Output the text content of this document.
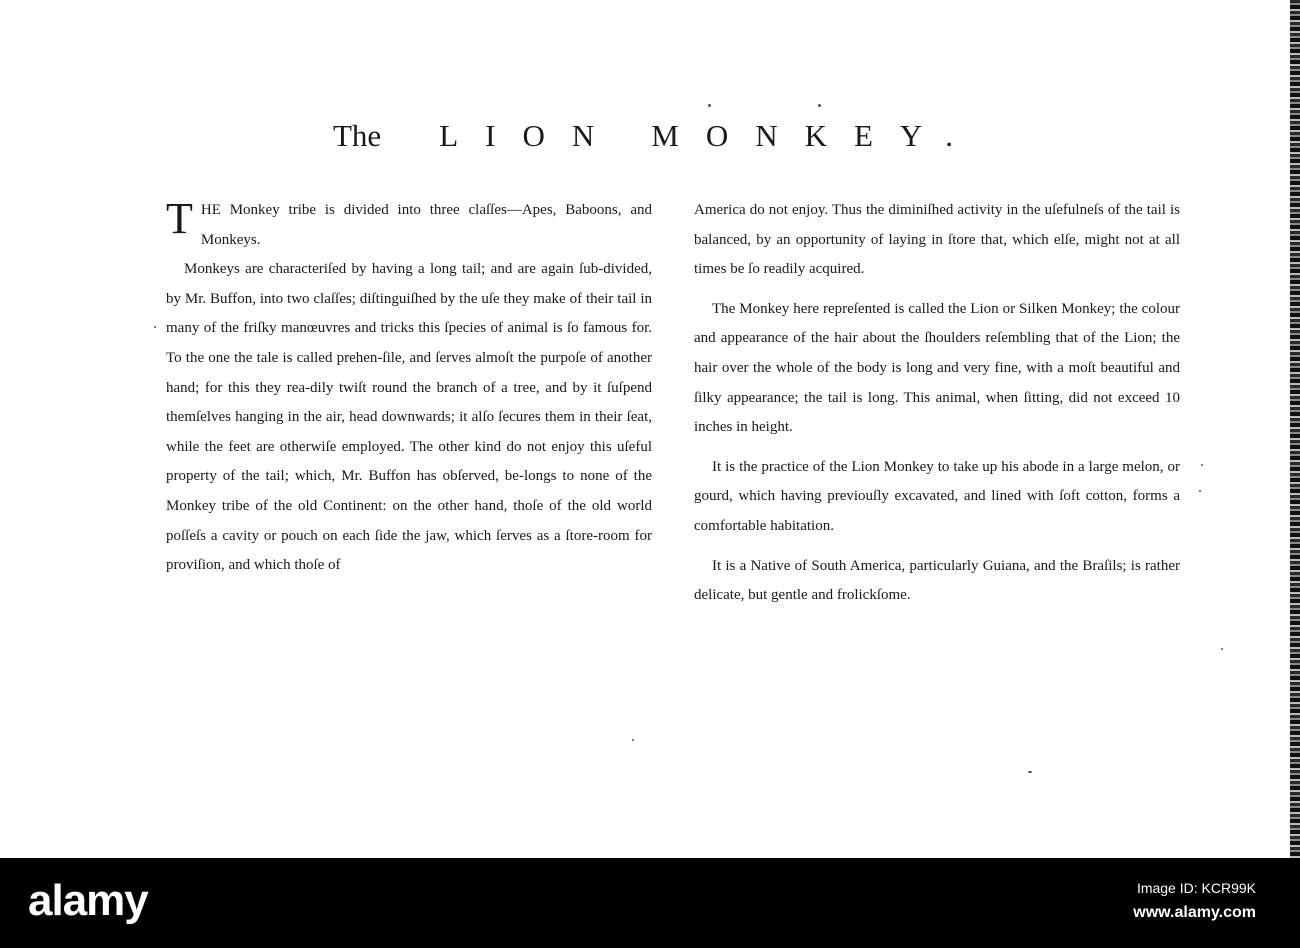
The LION MONKEY.

THE Monkey tribe is divided into three claſſes—Apes, Baboons, and Monkeys.

Monkeys are characteriſed by having a long tail; and are again ſub-divided, by Mr. Buffon, into two claſſes; diſtinguiſhed by the uſe they make of their tail in many of the friſky manœuvres and tricks this ſpecies of animal is ſo famous for. To the one the tale is called prehen-ſile, and ſerves almoſt the purpoſe of another hand; for this they rea-dily twiſt round the branch of a tree, and by it ſuſpend themſelves hanging in the air, head downwards; it alſo ſecures them in their ſeat, while the feet are otherwiſe employed. The other kind do not enjoy this uſeful property of the tail; which, Mr. Buffon has obſerved, be-longs to none of the Monkey tribe of the old Continent: on the other hand, thoſe of the old world poſſeſs a cavity or pouch on each ſide the jaw, which ſerves as a ſtore-room for proviſion, and which thoſe of

America do not enjoy. Thus the diminiſhed activity in the uſefulneſs of the tail is balanced, by an opportunity of laying in ſtore that, which elſe, might not at all times be ſo readily acquired.

The Monkey here repreſented is called the Lion or Silken Monkey; the colour and appearance of the hair about the ſhoulders reſembling that of the Lion; the hair over the whole of the body is long and very fine, with a moſt beautiful and ſilky appearance; the tail is long. This animal, when ſitting, did not exceed 10 inches in height.

It is the practice of the Lion Monkey to take up his abode in a large melon, or gourd, which having previouſly excavated, and lined with ſoft cotton, forms a comfortable habitation.

It is a Native of South America, particularly Guiana, and the Braſils; is rather delicate, but gentle and frolickſome.

alamy	Image ID: KCR99K
www.alamy.com
